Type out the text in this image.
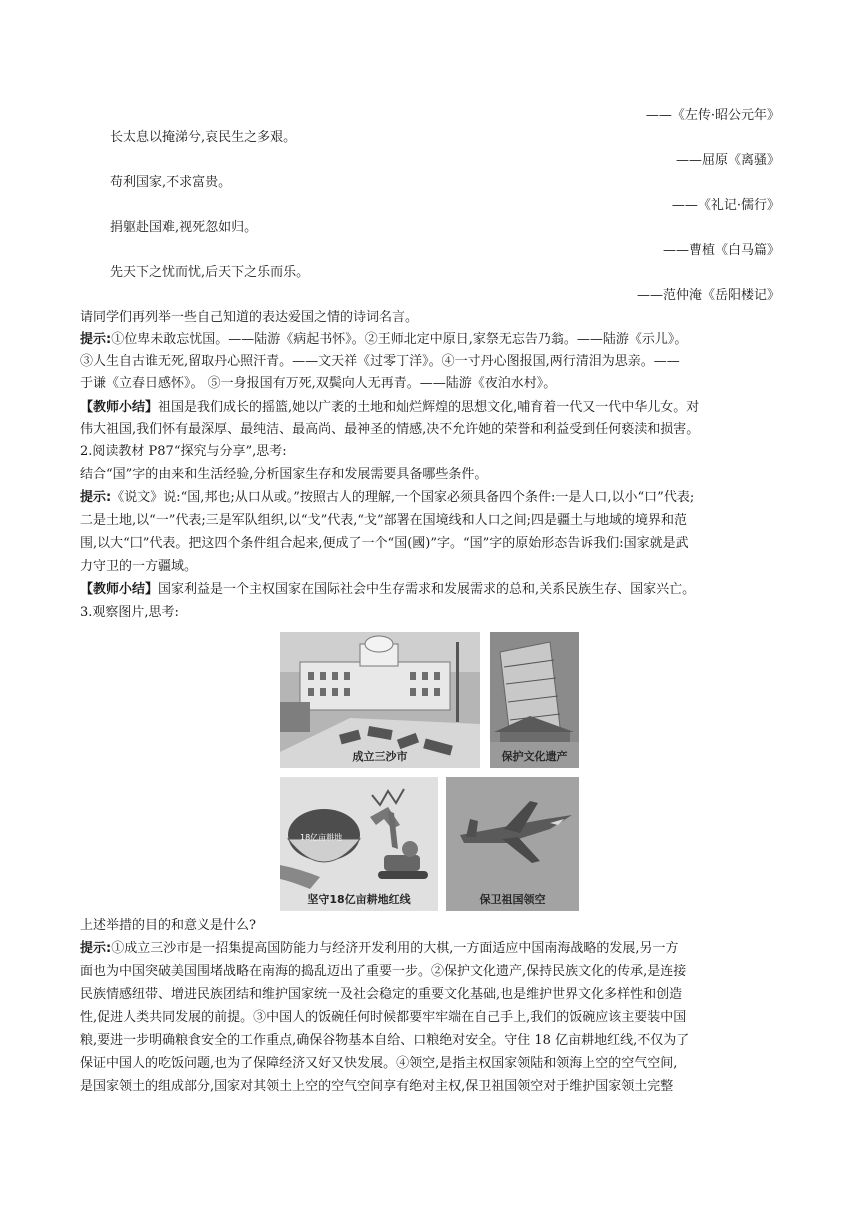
——《左传·昭公元年》
长太息以掩涕兮,哀民生之多艰。
——屈原《离骚》
苟利国家,不求富贵。
——《礼记·儒行》
捐躯赴国难,视死忽如归。
——曹植《白马篇》
先天下之忧而忧,后天下之乐而乐。
——范仲淹《岳阳楼记》
请同学们再列举一些自己知道的表达爱国之情的诗词名言。
提示:①位卑未敢忘忧国。——陆游《病起书怀》。②王师北定中原日,家祭无忘告乃翁。——陆游《示儿》。
③人生自古谁无死,留取丹心照汗青。——文天祥《过零丁洋》。④一寸丹心图报国,两行清泪为思亲。——
于谦《立春日感怀》。 ⑤一身报国有万死,双鬓向人无再青。——陆游《夜泊水村》。
【教师小结】祖国是我们成长的摇篮,她以广袤的土地和灿烂辉煌的思想文化,哺育着一代又一代中华儿女。对
伟大祖国,我们怀有最深厚、最纯洁、最高尚、最神圣的情感,决不允许她的荣誉和利益受到任何亵渎和损害。
2.阅读教材 P87“探究与分享”,思考:
结合“国”字的由来和生活经验,分析国家生存和发展需要具备哪些条件。
提示:《说文》说:“国,邦也;从口从或。”按照古人的理解,一个国家必须具备四个条件:一是人口,以小“口”代表;
二是土地,以“一”代表;三是军队组织,以“戈”代表,“戈”部署在国境线和人口之间;四是疆土与地域的境界和范
围,以大“囗”代表。把这四个条件组合起来,便成了一个“国(國)”字。“国”字的原始形态告诉我们:国家就是武
力守卫的一方疆域。
【教师小结】国家利益是一个主权国家在国际社会中生存需求和发展需求的总和,关系民族生存、国家兴亡。
3.观察图片,思考:
成立三沙市	保护文化遗产
18亿亩耕地
坚守18亿亩耕地红线	保卫祖国领空
上述举措的目的和意义是什么?
提示:①成立三沙市是一招集提高国防能力与经济开发利用的大棋,一方面适应中国南海战略的发展,另一方
面也为中国突破美国围堵战略在南海的捣乱迈出了重要一步。②保护文化遗产,保持民族文化的传承,是连接
民族情感纽带、增进民族团结和维护国家统一及社会稳定的重要文化基础,也是维护世界文化多样性和创造
性,促进人类共同发展的前提。③中国人的饭碗任何时候都要牢牢端在自己手上,我们的饭碗应该主要装中国
粮,要进一步明确粮食安全的工作重点,确保谷物基本自给、口粮绝对安全。守住 18 亿亩耕地红线,不仅为了
保证中国人的吃饭问题,也为了保障经济又好又快发展。④领空,是指主权国家领陆和领海上空的空气空间,
是国家领土的组成部分,国家对其领土上空的空气空间享有绝对主权,保卫祖国领空对于维护国家领土完整
